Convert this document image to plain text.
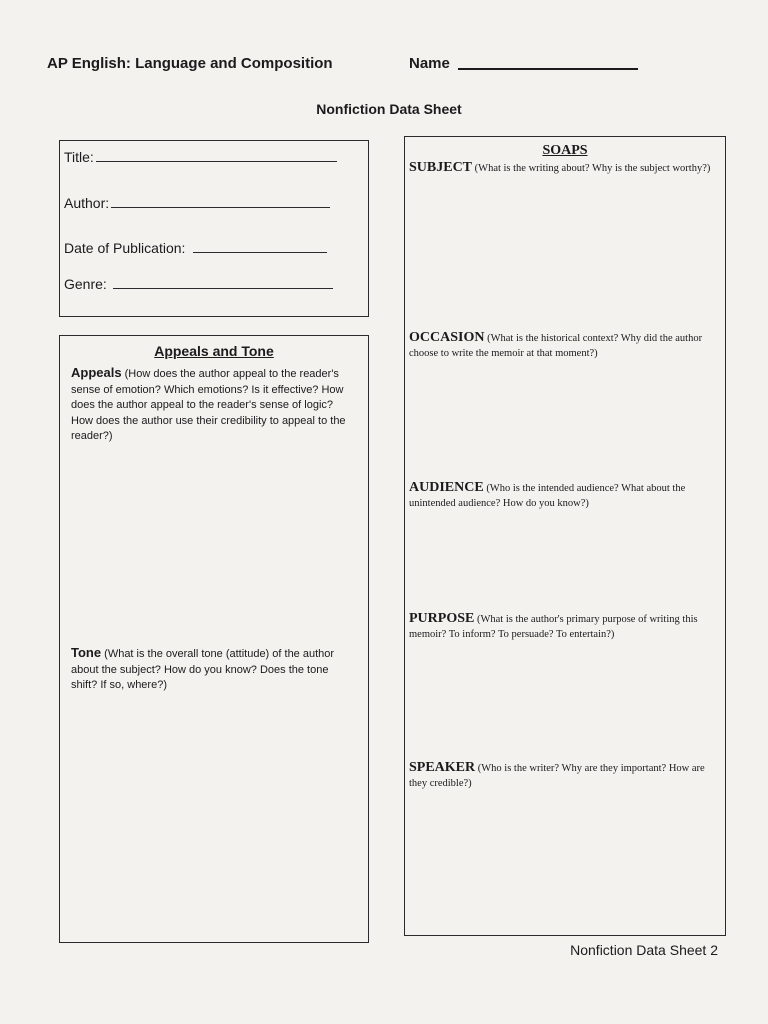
AP English: Language and Composition	Name
Nonfiction Data Sheet
Title:
Author:
Date of Publication:
Genre:
Appeals and Tone
Appeals (How does the author appeal to the reader's sense of emotion? Which emotions? Is it effective? How does the author appeal to the reader's sense of logic? How does the author use their credibility to appeal to the reader?)
Tone (What is the overall tone (attitude) of the author about the subject? How do you know? Does the tone shift? If so, where?)
SOAPS
SUBJECT (What is the writing about? Why is the subject worthy?)
OCCASION (What is the historical context? Why did the author choose to write the memoir at that moment?)
AUDIENCE (Who is the intended audience? What about the unintended audience? How do you know?)
PURPOSE (What is the author's primary purpose of writing this memoir? To inform? To persuade? To entertain?)
SPEAKER (Who is the writer? Why are they important? How are they credible?)
Nonfiction Data Sheet 2
